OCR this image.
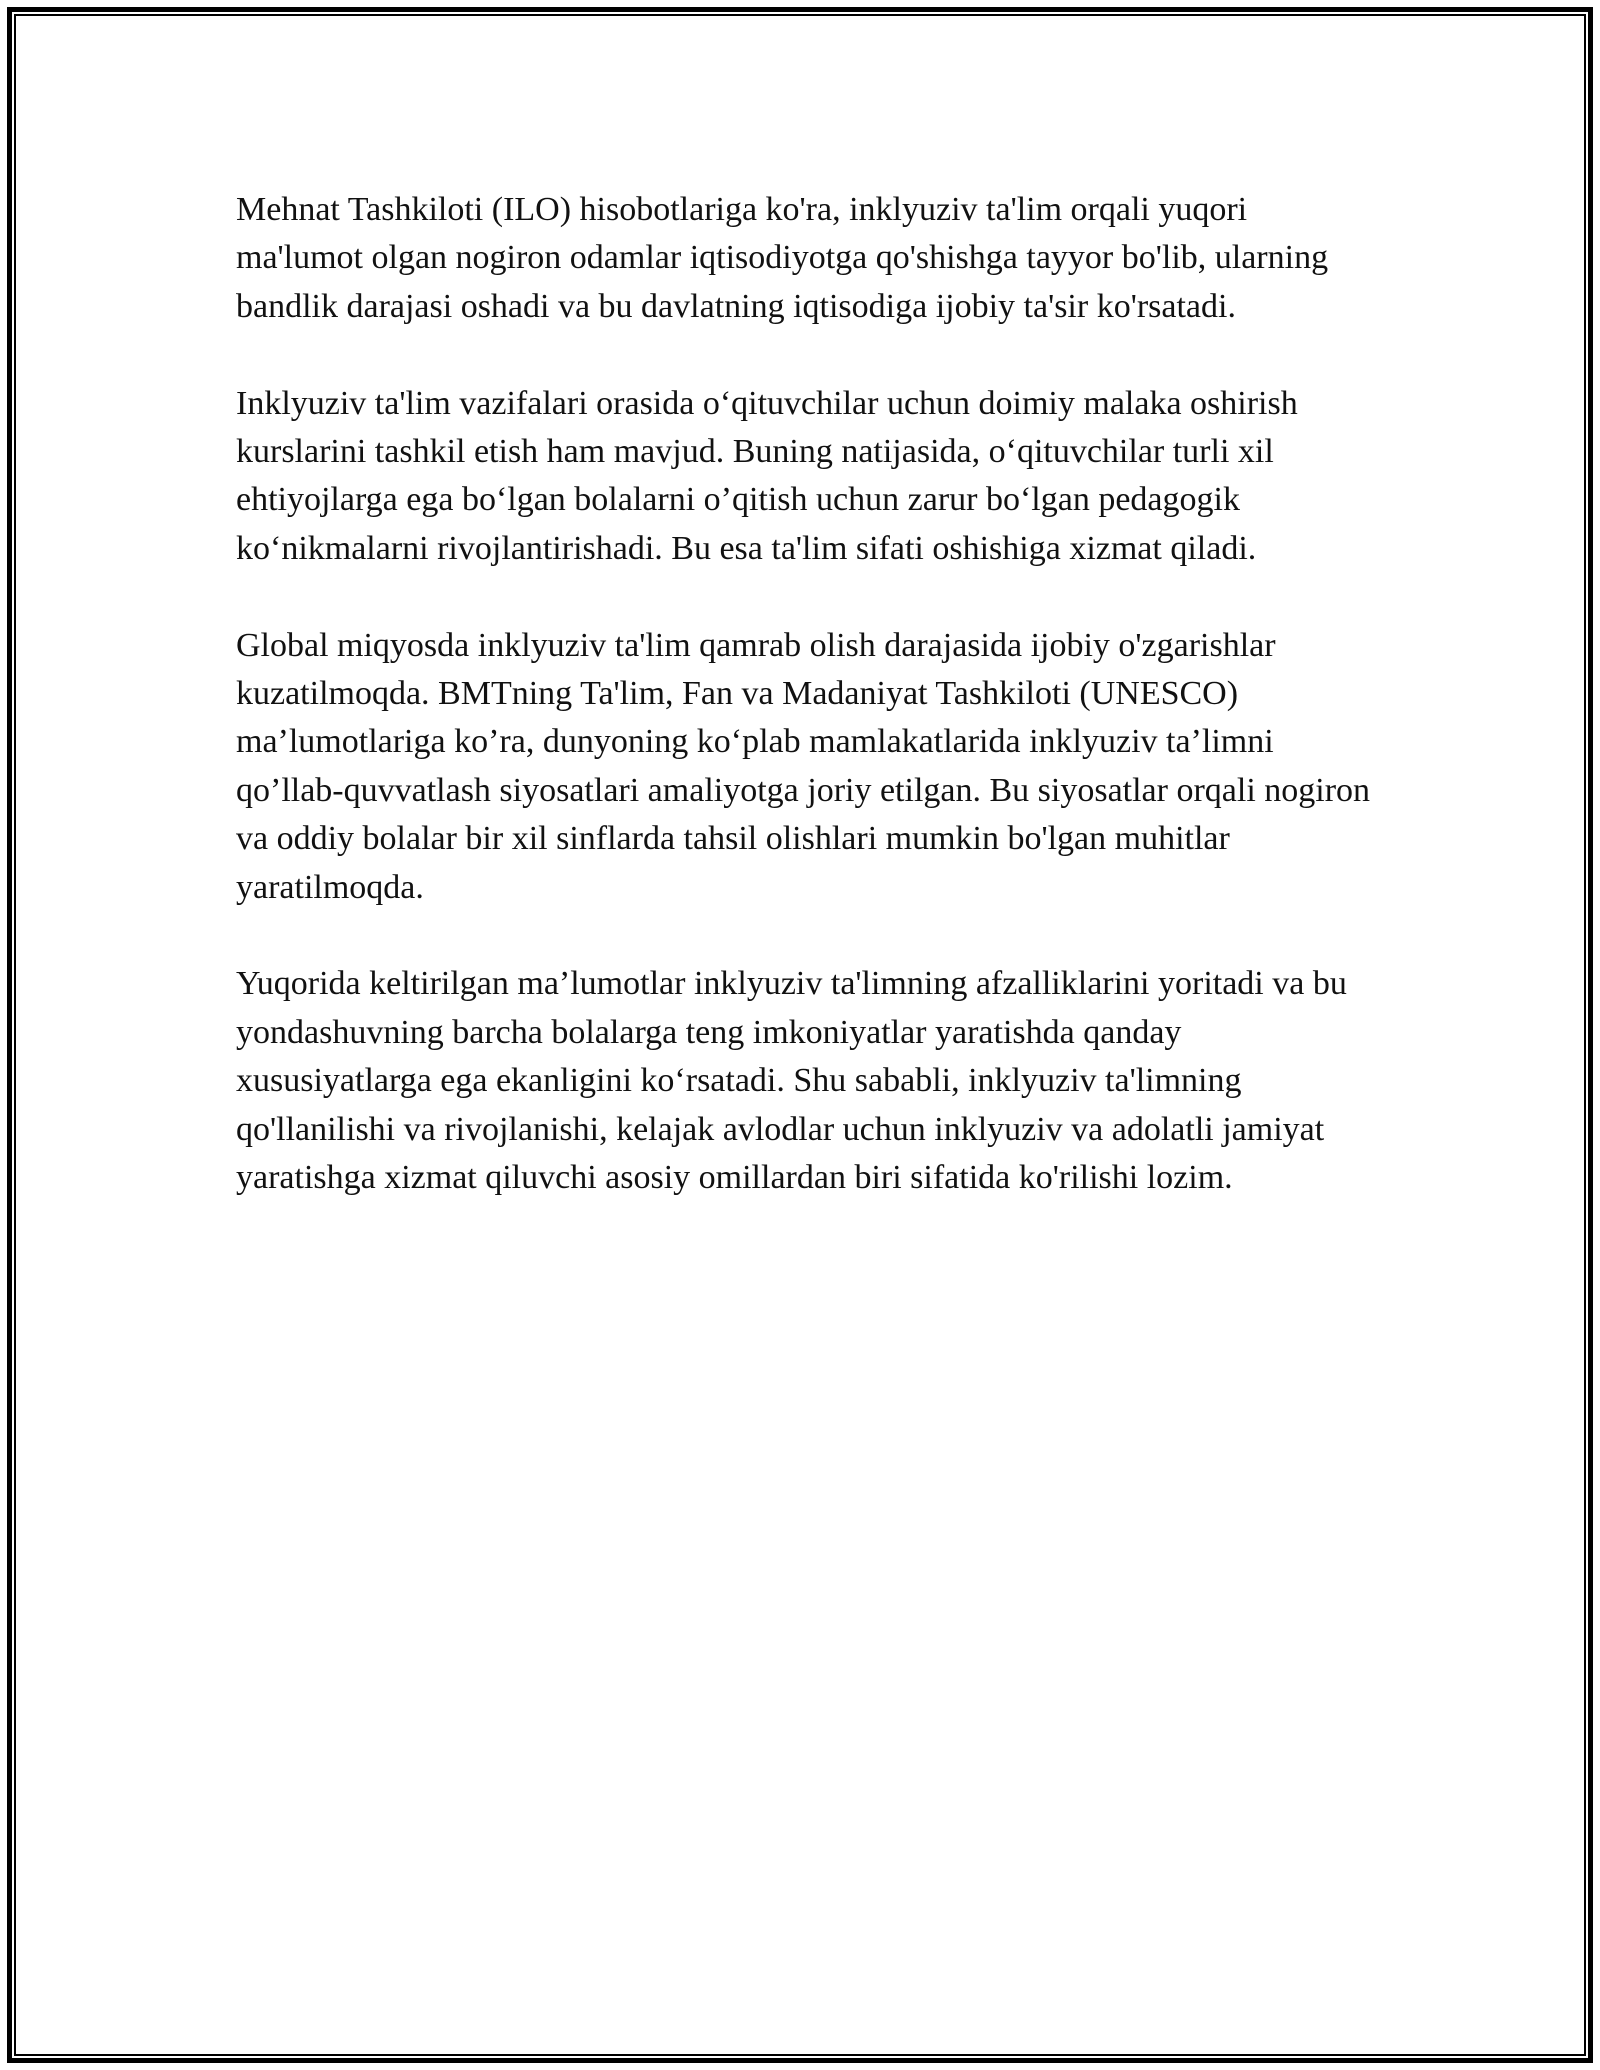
Mehnat Tashkiloti (ILO) hisobotlariga ko'ra, inklyuziv ta'lim orqali yuqori ma'lumot olgan nogiron odamlar iqtisodiyotga qo'shishga tayyor bo'lib, ularning bandlik darajasi oshadi va bu davlatning iqtisodiga ijobiy ta'sir ko'rsatadi.

Inklyuziv ta'lim vazifalari orasida o‘qituvchilar uchun doimiy malaka oshirish kurslarini tashkil etish ham mavjud. Buning natijasida, o‘qituvchilar turli xil ehtiyojlarga ega bo‘lgan bolalarni o’qitish uchun zarur bo‘lgan pedagogik ko‘nikmalarni rivojlantirishadi. Bu esa ta'lim sifati oshishiga xizmat qiladi.

Global miqyosda inklyuziv ta'lim qamrab olish darajasida ijobiy o'zgarishlar kuzatilmoqda. BMTning Ta'lim, Fan va Madaniyat Tashkiloti (UNESCO) ma’lumotlariga ko’ra, dunyoning ko‘plab mamlakatlarida inklyuziv ta’limni qo’llab-quvvatlash siyosatlari amaliyotga joriy etilgan. Bu siyosatlar orqali nogiron va oddiy bolalar bir xil sinflarda tahsil olishlari mumkin bo'lgan muhitlar yaratilmoqda.

Yuqorida keltirilgan ma’lumotlar inklyuziv ta'limning afzalliklarini yoritadi va bu yondashuvning barcha bolalarga teng imkoniyatlar yaratishda qanday xususiyatlarga ega ekanligini ko‘rsatadi. Shu sababli, inklyuziv ta'limning qo'llanilishi va rivojlanishi, kelajak avlodlar uchun inklyuziv va adolatli jamiyat yaratishga xizmat qiluvchi asosiy omillardan biri sifatida ko'rilishi lozim.
